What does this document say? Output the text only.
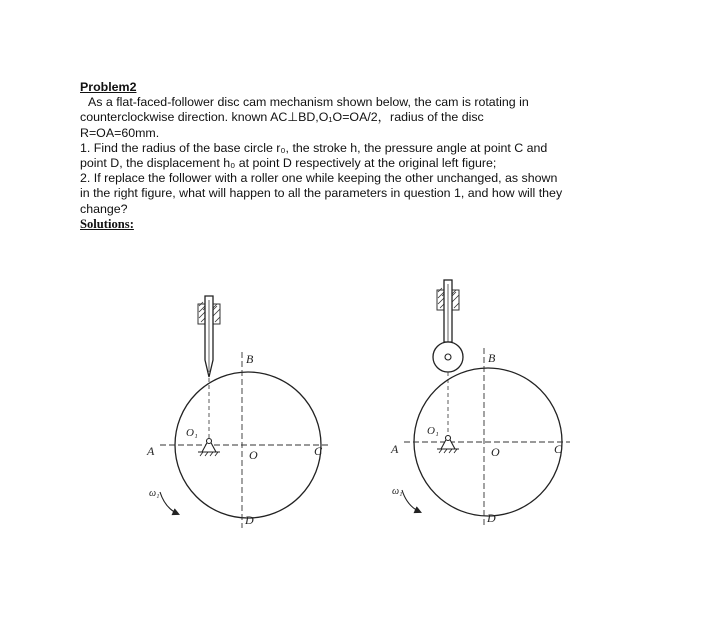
Problem2

As a flat-faced-follower disc cam mechanism shown below, the cam is rotating in

counterclockwise direction. known AC⊥BD,O₁O=OA/2，radius of the disc

R=OA=60mm.

1. Find the radius of the base circle r₀, the stroke h, the pressure angle at point C and

point D, the displacement h₀ at point D respectively at the original left figure;

2. If replace the follower with a roller one while keeping the other unchanged, as shown

in the right figure, what will happen to all the parameters in question 1, and how will they

change?

Solutions:
A
B
C
D
O
O₁
ω₁
A
B
C
D
O
O₁
ω₁
